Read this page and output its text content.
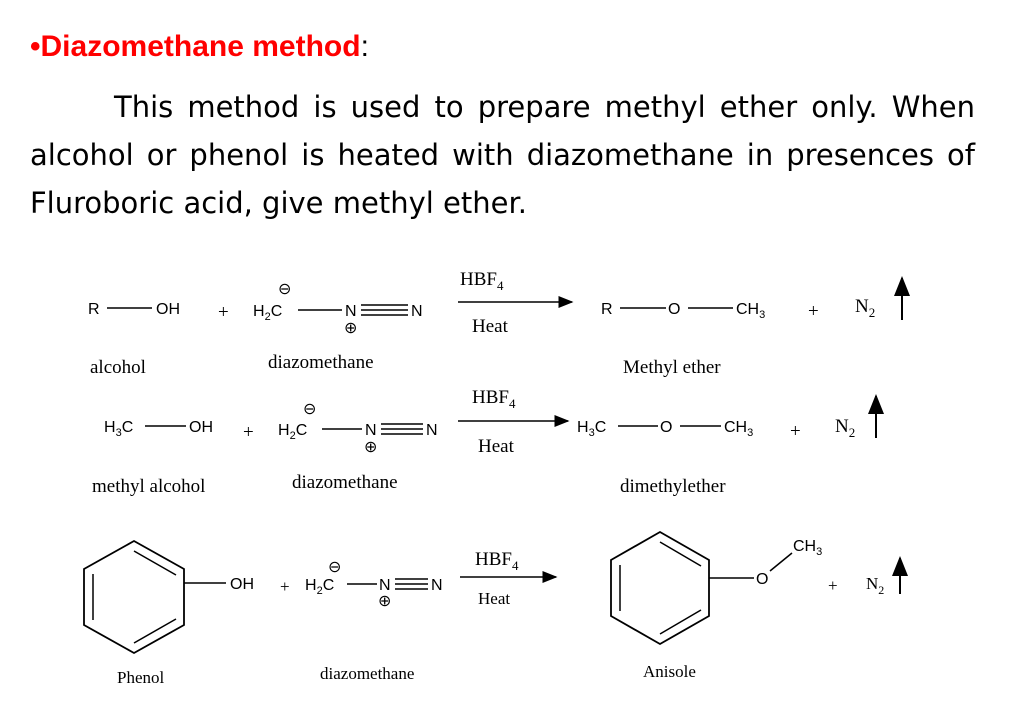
•Diazomethane method:
This method is used to prepare methyl ether only. When alcohol or phenol is heated with diazomethane in presences of Fluroboric acid, give methyl ether.
R	OH +
⊖
$H_2C$	N	N
⊕
$HBF_4$
Heat
R	O	$CH_3 + N_2$
alcohol	diazomethane	Methyl ether
$H_3C$	OH +
⊖
$H_2C$	N	N
⊕
$HBF_4$
Heat
$H_3C$	O	$CH_3 + N_2$
methyl alcohol	diazomethane	dimethylether
OH +
⊖
$H_2C$	N	N
⊕
$HBF_4$
Heat
O
$CH_3$
+ $N_2$
Phenol	diazomethane	Anisole
